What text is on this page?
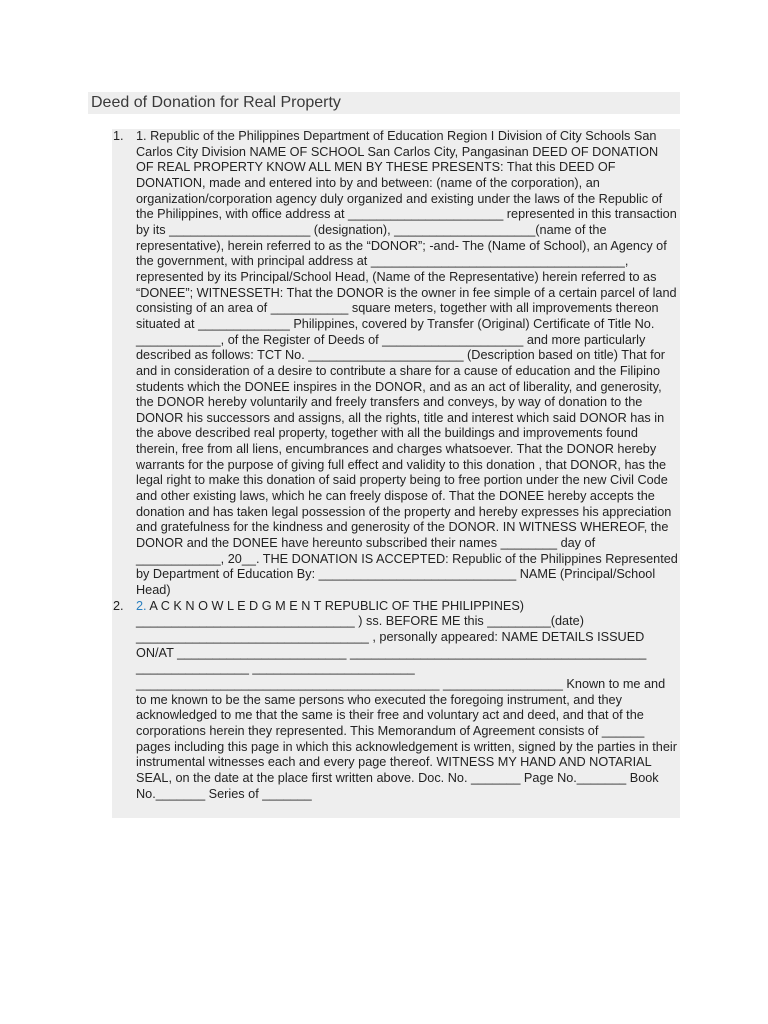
Deed of Donation for Real Property
1. 1. Republic of the Philippines Department of Education Region I Division of City Schools San Carlos City Division NAME OF SCHOOL San Carlos City, Pangasinan DEED OF DONATION OF REAL PROPERTY KNOW ALL MEN BY THESE PRESENTS: That this DEED OF DONATION, made and entered into by and between: (name of the corporation), an organization/corporation agency duly organized and existing under the laws of the Republic of the Philippines, with office address at ______________________ represented in this transaction by its ____________________ (designation), ____________________(name of the representative), herein referred to as the “DONOR”; -and- The (Name of School), an Agency of the government, with principal address at ____________________________________, represented by its Principal/School Head, (Name of the Representative) herein referred to as “DONEE”; WITNESSETH: That the DONOR is the owner in fee simple of a certain parcel of land consisting of an area of ___________ square meters, together with all improvements thereon situated at _____________ Philippines, covered by Transfer (Original) Certificate of Title No. ____________, of the Register of Deeds of ____________________ and more particularly described as follows: TCT No. ______________________ (Description based on title) That for and in consideration of a desire to contribute a share for a cause of education and the Filipino students which the DONEE inspires in the DONOR, and as an act of liberality, and generosity, the DONOR hereby voluntarily and freely transfers and conveys, by way of donation to the DONOR his successors and assigns, all the rights, title and interest which said DONOR has in the above described real property, together with all the buildings and improvements found therein, free from all liens, encumbrances and charges whatsoever. That the DONOR hereby warrants for the purpose of giving full effect and validity to this donation , that DONOR, has the legal right to make this donation of said property being to free portion under the new Civil Code and other existing laws, which he can freely dispose of. That the DONEE hereby accepts the donation and has taken legal possession of the property and hereby expresses his appreciation and gratefulness for the kindness and generosity of the DONOR. IN WITNESS WHEREOF, the DONOR and the DONEE have hereunto subscribed their names ________ day of ____________, 20__. THE DONATION IS ACCEPTED: Republic of the Philippines Represented by Department of Education By: ____________________________ NAME (Principal/School Head)
2. 2. A C K N O W L E D G M E N T REPUBLIC OF THE PHILIPPINES) _______________________________ ) ss. BEFORE ME this _________(date) _________________________________ , personally appeared: NAME DETAILS ISSUED ON/AT ________________________ __________________________________________ ________________ _______________________ ___________________________________________ _________________ Known to me and to me known to be the same persons who executed the foregoing instrument, and they acknowledged to me that the same is their free and voluntary act and deed, and that of the corporations herein they represented. This Memorandum of Agreement consists of ______ pages including this page in which this acknowledgement is written, signed by the parties in their instrumental witnesses each and every page thereof. WITNESS MY HAND AND NOTARIAL SEAL, on the date at the place first written above. Doc. No. _______ Page No._______ Book No._______ Series of _______
